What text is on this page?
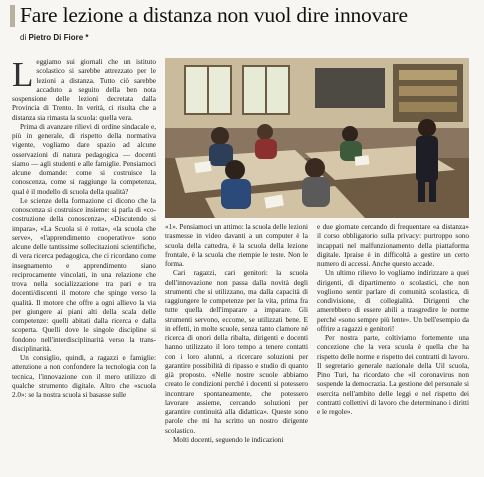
Fare lezione a distanza non vuol dire innovare
di Pietro Di Fiore *
L eggiamo sui giornali che un istituto scolastico si sarebbe attrezzato per le lezioni a distanza. Tutto ciò sarebbe accaduto a seguito della ben nota sospensione delle lezioni decretata dalla Provincia di Trento. In verità, ci risulta che a distanza sia rimasta la scuola: quella vera.

Prima di avanzare rilievi di ordine sindacale e, più in generale, di rispetto della normativa vigente, vogliamo dare spazio ad alcune osservazioni di natura pedagogica — docenti siamo — agli studenti e alle famiglie. Pensiamoci alcune domande: come si costruisce la conoscenza, come si raggiunge la competenza, qual è il modello di scuola della qualità?

Le scienze della formazione ci dicono che la conoscenza si costruisce insieme: si parla di «co-costruzione della conoscenza», «Discutendo si impara», «La Scuola si è rotta», «la scuola che serve», «l'apprendimento cooperativo» sono alcune delle tantissime sollecitazioni scientifiche, di vera ricerca pedagogica, che ci ricordano come insegnamento e apprendimento siano reciprocamente vincolati, in una relazione che trova nella socializzazione tra pari e tra docenti/discenti il motore che spinge verso la qualità. Il motore che offre a ogni allievo la via per giungere ai piani alti della scala delle competenze: quelli abitati dalla ricerca e dalla scoperta. Quelli dove le singole discipline si fondono nell'interdisciplinarità verso la trans-disciplinarità.

Un consiglio, quindi, a ragazzi e famiglie: attenzione a non confondere la tecnologia con la tecnica, l'innovazione con il mero utilizzo di qualche strumento digitale. Altro che «scuola 2.0»: se la nostra scuola si basasse sulle

«1». Pensiamoci un attimo: la scuola delle lezioni trasmesse in video davanti a un computer è la scuola della cattedra, è la scuola della lezione frontale, è la scuola che riempie le teste. Non le forma.

Cari ragazzi, cari genitori: la scuola dell'innovazione non passa dalla novità degli strumenti che si utilizzano, ma dalla capacità di raggiungere le competenze per la vita, prima fra tutte quella dell'imparare a imparare. Gli strumenti servono, eccome, se utilizzati bene. E in effetti, in molte scuole, senza tanto clamore né ricerca di onori della ribalta, dirigenti e docenti hanno utilizzato il loro tempo a tenere contatti con i loro alunni, a ricercare soluzioni per garantire possibilità di ripasso e studio di quanto già proposto. «Nelle nostre scuole abbiamo creato le condizioni perché i docenti si potessero incontrare spontaneamente, che potessero lavorare assieme, cercando soluzioni per garantire continuità alla didattica». Queste sono parole che mi ha scritto un nostro dirigente scolastico.

Molti docenti, seguendo le indicazioni

e due giornate cercando di frequentare «a distanza» il corso obbligatorio sulla privacy: purtroppo sono incappati nel malfunzionamento della piattaforma digitale. Ipraise è in difficoltà a gestire un certo numero di accessi. Anche questo accade.

Un ultimo rilievo lo vogliamo indirizzare a quei dirigenti, di dipartimento o scolastici, che non vogliono sentir parlare di comunità scolastica, di condivisione, di collegialità. Dirigenti che amerebbero di essere abili a trasgredire le norme perché «sono sempre più lente». Un bell'esempio da offrire a ragazzi e genitori!

Per nostra parte, coltiviamo fortemente una concezione che la vera scuola è quella che ha rispetto delle norme e rispetto dei contratti di lavoro. Il segretario generale nazionale della Uil scuola, Pino Turi, ha ricordato che «il coronavirus non sospende la democrazia. La gestione del personale si esercita nell'ambito delle leggi e nel rispetto dei contratti collettivi di lavoro che determinano i diritti e le regole».
